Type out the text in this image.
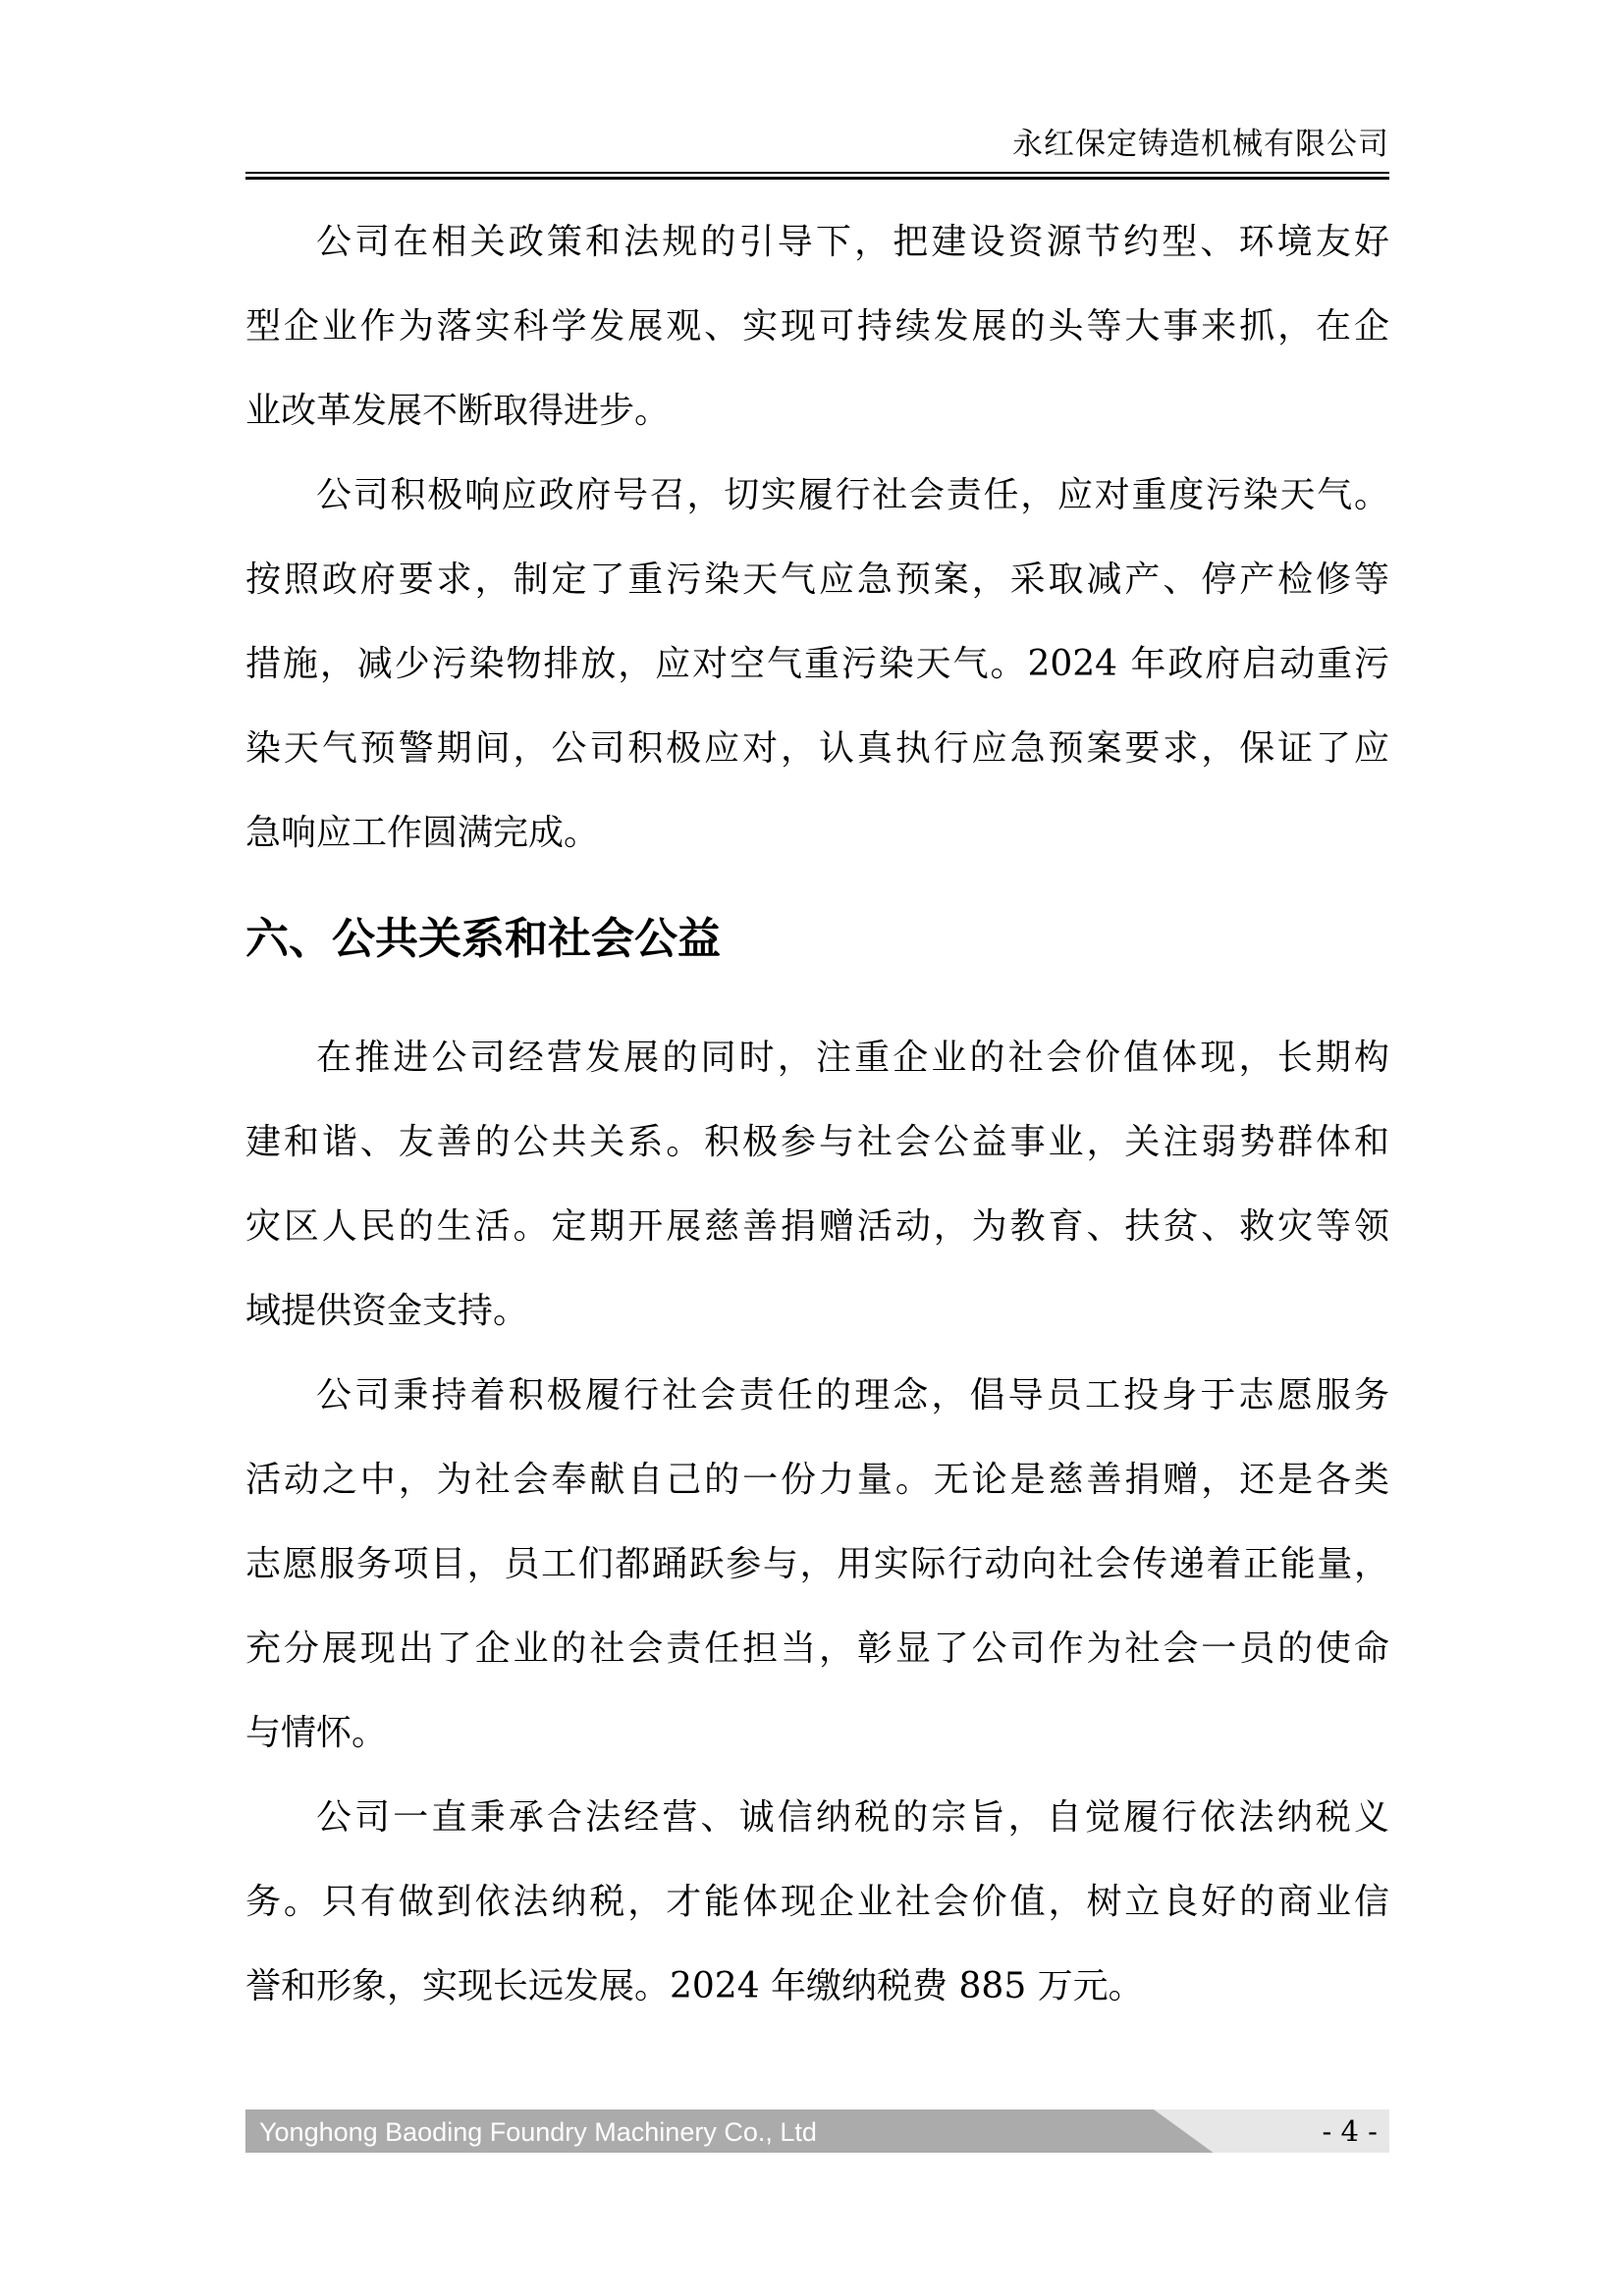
永红保定铸造机械有限公司
公司在相关政策和法规的引导下，把建设资源节约型、环境友好
型企业作为落实科学发展观、实现可持续发展的头等大事来抓，在企
业改革发展不断取得进步。
公司积极响应政府号召，切实履行社会责任，应对重度污染天气。
按照政府要求，制定了重污染天气应急预案，采取减产、停产检修等
措施，减少污染物排放，应对空气重污染天气。2024 年政府启动重污
染天气预警期间，公司积极应对，认真执行应急预案要求，保证了应
急响应工作圆满完成。
六、公共关系和社会公益
在推进公司经营发展的同时，注重企业的社会价值体现，长期构
建和谐、友善的公共关系。积极参与社会公益事业，关注弱势群体和
灾区人民的生活。定期开展慈善捐赠活动，为教育、扶贫、救灾等领
域提供资金支持。
公司秉持着积极履行社会责任的理念，倡导员工投身于志愿服务
活动之中，为社会奉献自己的一份力量。无论是慈善捐赠，还是各类
志愿服务项目，员工们都踊跃参与，用实际行动向社会传递着正能量，
充分展现出了企业的社会责任担当，彰显了公司作为社会一员的使命
与情怀。
公司一直秉承合法经营、诚信纳税的宗旨，自觉履行依法纳税义
务。只有做到依法纳税，才能体现企业社会价值，树立良好的商业信
誉和形象，实现长远发展。2024 年缴纳税费 885 万元。
Yonghong Baoding Foundry Machinery Co., Ltd	- 4 -
